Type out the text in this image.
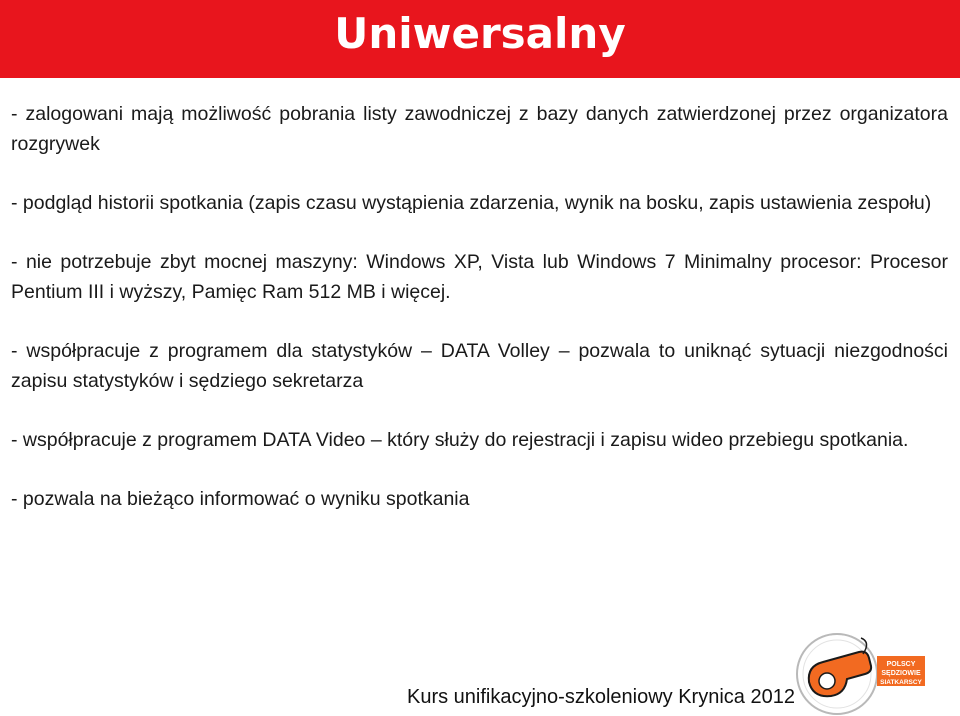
Uniwersalny

- zalogowani mają możliwość pobrania listy zawodniczej z bazy danych zatwierdzonej przez organizatora rozgrywek

- podgląd historii spotkania (zapis czasu wystąpienia zdarzenia, wynik na bosku, zapis ustawienia zespołu)

- nie potrzebuje zbyt mocnej maszyny: Windows XP, Vista lub Windows 7 Minimalny procesor: Procesor Pentium III i wyższy, Pamięc Ram 512 MB i więcej.

- współpracuje z programem dla statystyków – DATA Volley – pozwala to uniknąć sytuacji niezgodności zapisu statystyków i sędziego sekretarza

- współpracuje z programem DATA Video – który służy do rejestracji i zapisu wideo przebiegu spotkania.

- pozwala na bieżąco informować o wyniku spotkania

Kurs unifikacyjno-szkoleniowy Krynica 2012
POLSCY
SĘDZIOWIE
SIATKARSCY
